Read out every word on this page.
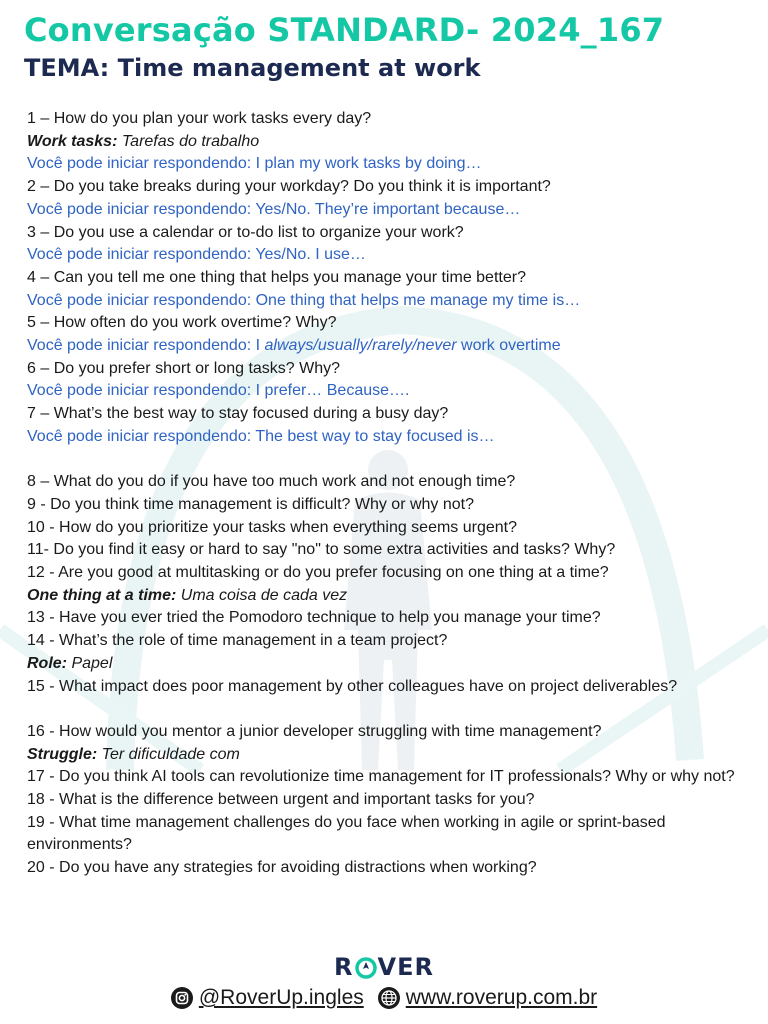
Conversação STANDARD- 2024_167
TEMA: Time management at work
1 – How do you plan your work tasks every day?
Work tasks: Tarefas do trabalho
Você pode iniciar respondendo: I plan my work tasks by doing…
2 – Do you take breaks during your workday? Do you think it is important?
Você pode iniciar respondendo: Yes/No. They’re important because…
3 – Do you use a calendar or to-do list to organize your work?
Você pode iniciar respondendo: Yes/No. I use…
4 – Can you tell me one thing that helps you manage your time better?
Você pode iniciar respondendo: One thing that helps me manage my time is…
5 – How often do you work overtime? Why?
Você pode iniciar respondendo: I always/usually/rarely/never work overtime
6 – Do you prefer short or long tasks? Why?
Você pode iniciar respondendo: I prefer… Because….
7 – What’s the best way to stay focused during a busy day?
Você pode iniciar respondendo: The best way to stay focused is…
8 – What do you do if you have too much work and not enough time?
9 - Do you think time management is difficult? Why or why not?
10 - How do you prioritize your tasks when everything seems urgent?
11- Do you find it easy or hard to say "no" to some extra activities and tasks? Why?
12 - Are you good at multitasking or do you prefer focusing on one thing at a time?
One thing at a time: Uma coisa de cada vez
13 - Have you ever tried the Pomodoro technique to help you manage your time?
14 - What’s the role of time management in a team project?
Role: Papel
15 - What impact does poor management by other colleagues have on project deliverables?
16 - How would you mentor a junior developer struggling with time management?
Struggle: Ter dificuldade com
17 - Do you think AI tools can revolutionize time management for IT professionals? Why or why not?
18 - What is the difference between urgent and important tasks for you?
19 - What time management challenges do you face when working in agile or sprint-based environments?
20 - Do you have any strategies for avoiding distractions when working?
R VER
@RoverUp.ingles www.roverup.com.br
